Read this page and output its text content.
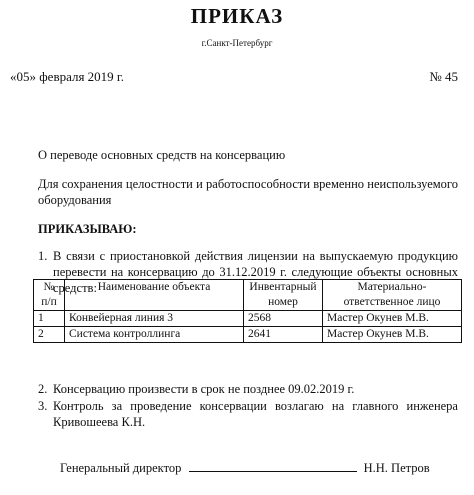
ПРИКАЗ
г.Санкт-Петербург
«05» февраля 2019 г.	№ 45
О переводе основных средств на консервацию
Для сохранения целостности и работоспособности временно неиспользуемого оборудования
ПРИКАЗЫВАЮ:
1. В связи с приостановкой действия лицензии на выпускаемую продукцию перевести на консервацию до 31.12.2019 г. следующие объекты основных средств:
№ п/п	Наименование объекта	Инвентарный номер	Материально-ответственное лицо
1	Конвейерная линия 3	2568	Мастер Окунев М.В.
2	Система контроллинга	2641	Мастер Окунев М.В.
2. Консервацию произвести в срок не позднее 09.02.2019 г.
3. Контроль за проведение консервации возлагаю на главного инженера Кривошеева К.Н.
Генеральный директор	Н.Н. Петров
